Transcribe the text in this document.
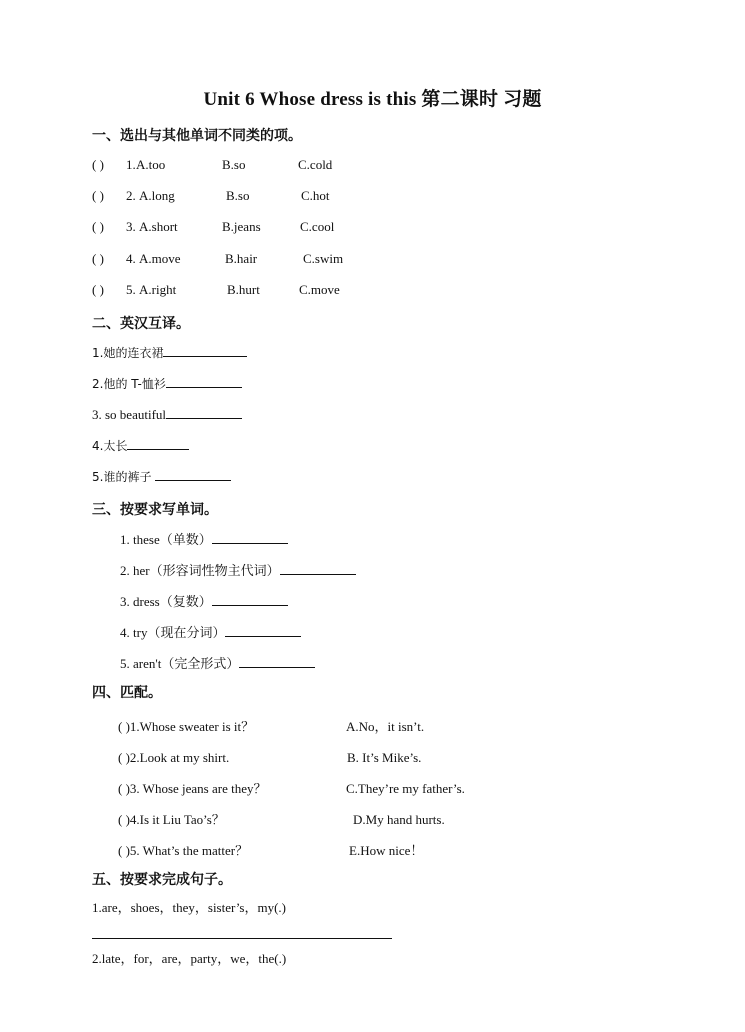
Unit 6 Whose dress is this 第二课时 习题
一、选出与其他单词不同类的项。
( ) 1. A.too	B.so	C.cold
( ) 2. A.long	B.so	C.hot
( ) 3. A.short	B.jeans	C.cool
( ) 4. A.move	B.hair	C.swim
( ) 5. A.right	B.hurt	C.move
二、英汉互译。
1.她的连衣裙
2.他的 T-恤衫
3. so beautiful
4.太长
5.谁的裤子
三、按要求写单词。
1. these（单数）
2. her（形容词性物主代词）
3. dress（复数）
4. try（现在分词）
5. aren't（完全形式）
四、匹配。
( )1.Whose sweater is it？	A.No，it isn’t.
( )2.Look at my shirt.	B. It’s Mike’s.
( )3. Whose jeans are they？	C.They’re my father’s.
( )4.Is it Liu Tao’s？	D.My hand hurts.
( )5. What’s the matter？	E.How nice！
五、按要求完成句子。
1.are，shoes，they，sister’s，my(.)
2.late，for，are，party，we，the(.)
